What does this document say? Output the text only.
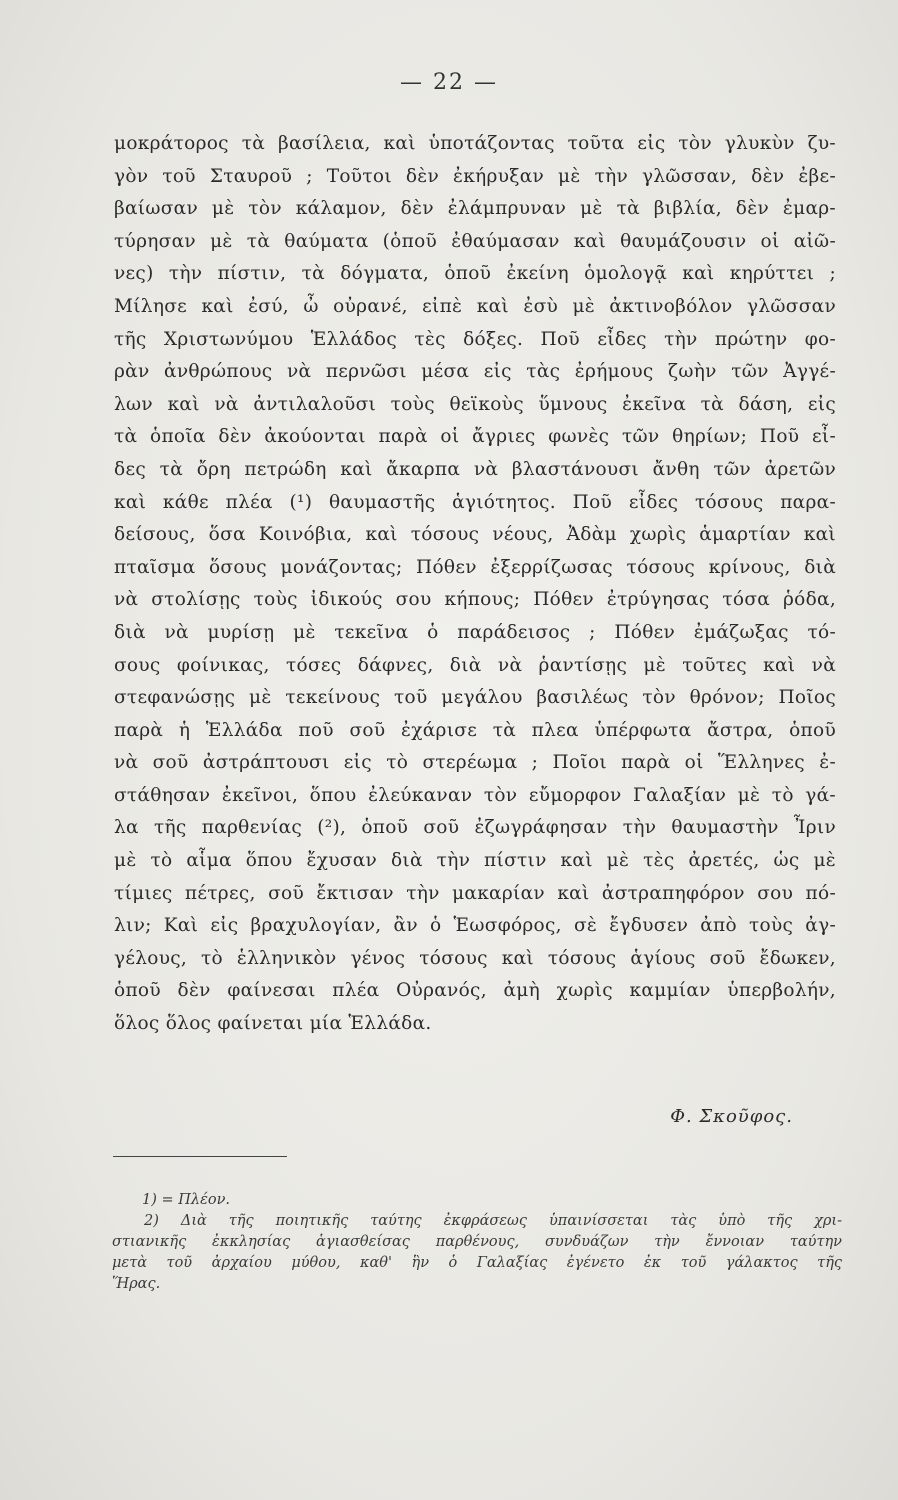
— 22 —
μοκράτορος τὰ βασίλεια, καὶ ὑποτάζοντας τοῦτα εἰς τὸν γλυκὺν ζυ-
γὸν τοῦ Σταυροῦ ; Τοῦτοι δὲν ἐκήρυξαν μὲ τὴν γλῶσσαν, δὲν ἐβε-
βαίωσαν μὲ τὸν κάλαμον, δὲν ἐλάμπρυναν μὲ τὰ βιβλία, δὲν ἐμαρ-
τύρησαν μὲ τὰ θαύματα (ὁποῦ ἐθαύμασαν καὶ θαυμάζουσιν οἱ αἰῶ-
νες) τὴν πίστιν, τὰ δόγματα, ὁποῦ ἐκείνη ὁμολογᾷ καὶ κηρύττει ;
Μίλησε καὶ ἐσύ, ὦ οὐρανέ, εἰπὲ καὶ ἐσὺ μὲ ἀκτινοβόλον γλῶσσαν
τῆς Χριστωνύμου Ἑλλάδος τὲς δόξες. Ποῦ εἶδες τὴν πρώτην φο-
ρὰν ἀνθρώπους νὰ περνῶσι μέσα εἰς τὰς ἐρήμους ζωὴν τῶν Ἀγγέ-
λων καὶ νὰ ἀντιλαλοῦσι τοὺς θεϊκοὺς ὕμνους ἐκεῖνα τὰ δάση, εἰς
τὰ ὁποῖα δὲν ἀκούονται παρὰ οἱ ἄγριες φωνὲς τῶν θηρίων; Ποῦ εἶ-
δες τὰ ὄρη πετρώδη καὶ ἄκαρπα νὰ βλαστάνουσι ἄνθη τῶν ἀρετῶν
καὶ κάθε πλέα (¹) θαυμαστῆς ἁγιότητος. Ποῦ εἶδες τόσους παρα-
δείσους, ὅσα Κοινόβια, καὶ τόσους νέους, Ἀδὰμ χωρὶς ἁμαρτίαν καὶ
πταῖσμα ὅσους μονάζοντας; Πόθεν ἐξερρίζωσας τόσους κρίνους, διὰ
νὰ στολίσῃς τοὺς ἰδικούς σου κήπους; Πόθεν ἐτρύγησας τόσα ῥόδα,
διὰ νὰ μυρίσῃ μὲ τεκεῖνα ὁ παράδεισος ; Πόθεν ἐμάζωξας τό-
σους φοίνικας, τόσες δάφνες, διὰ νὰ ῥαντίσῃς μὲ τοῦτες καὶ νὰ
στεφανώσῃς μὲ τεκείνους τοῦ μεγάλου βασιλέως τὸν θρόνον; Ποῖος
παρὰ ἡ Ἑλλάδα ποῦ σοῦ ἐχάρισε τὰ πλεα ὑπέρφωτα ἄστρα, ὁποῦ
νὰ σοῦ ἀστράπτουσι εἰς τὸ στερέωμα ; Ποῖοι παρὰ οἱ Ἕλληνες ἐ-
στάθησαν ἐκεῖνοι, ὅπου ἐλεύκαναν τὸν εὔμορφον Γαλαξίαν μὲ τὸ γά-
λα τῆς παρθενίας (²), ὁποῦ σοῦ ἐζωγράφησαν τὴν θαυμαστὴν Ἶριν
μὲ τὸ αἷμα ὅπου ἔχυσαν διὰ τὴν πίστιν καὶ μὲ τὲς ἀρετές, ὡς μὲ
τίμιες πέτρες, σοῦ ἔκτισαν τὴν μακαρίαν καὶ ἀστραπηφόρον σου πό-
λιν; Καὶ εἰς βραχυλογίαν, ἂν ὁ Ἑωσφόρος, σὲ ἔγδυσεν ἀπὸ τοὺς ἀγ-
γέλους, τὸ ἑλληνικὸν γένος τόσους καὶ τόσους ἁγίους σοῦ ἔδωκεν,
ὁποῦ δὲν φαίνεσαι πλέα Οὐρανός, ἀμὴ χωρὶς καμμίαν ὑπερβολήν,
ὅλος ὅλος φαίνεται μία Ἑλλάδα.
Φ. Σκοῦφος.
1) = Πλέον.
2) Διὰ τῆς ποιητικῆς ταύτης ἐκφράσεως ὑπαινίσσεται τὰς ὑπὸ τῆς χρι-
στιανικῆς ἐκκλησίας ἁγιασθείσας παρθένους, συνδυάζων τὴν ἔννοιαν ταύτην
μετὰ τοῦ ἀρχαίου μύθου, καθ' ἣν ὁ Γαλαξίας ἐγένετο ἐκ τοῦ γάλακτος τῆς
Ἥρας.
